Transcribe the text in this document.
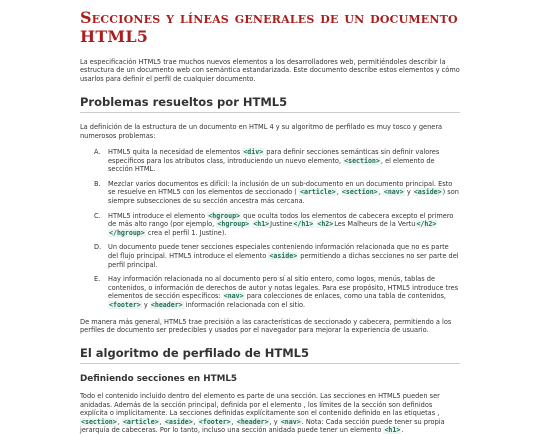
Secciones y líneas generales de un documento HTML5

La especificación HTML5 trae muchos nuevos elementos a los desarrolladores web, permitiéndoles describir la estructura de un documento web con semántica estandarizada. Este documento describe estos elementos y cómo usarlos para definir el perfil de cualquier documento.

Problemas resueltos por HTML5

La definición de la estructura de un documento en HTML 4 y su algoritmo de perfilado es muy tosco y genera numerosos problemas:

A. HTML5 quita la necesidad de elementos <div> para definir secciones semánticas sin definir valores específicos para los atributos class, introduciendo un nuevo elemento, <section>, el elemento de sección HTML.
B. Mezclar varios documentos es difícil: la inclusión de un sub-documento en un documento principal. Esto se resuelve en HTML5 con los elementos de seccionado ( <article>, <section>, <nav> y <aside>) son siempre subsecciones de su sección ancestra más cercana.
C. HTML5 introduce el elemento <hgroup> que oculta todos los elementos de cabecera excepto el primero de más alto rango (por ejemplo, <hgroup> <h1>Justine</h1> <h2>Les Malheurs de la Vertu</h2> </hgroup> crea el perfil 1. Justine).
D. Un documento puede tener secciones especiales conteniendo información relacionada que no es parte del flujo principal. HTML5 introduce el elemento <aside> permitiendo a dichas secciones no ser parte del perfil principal.
E. Hay información relacionada no al documento pero sí al sitio entero, como logos, menús, tablas de contenidos, o información de derechos de autor y notas legales. Para ese propósito, HTML5 introduce tres elementos de sección específicos: <nav> para colecciones de enlaces, como una tabla de contenidos, <footer> y <header> información relacionada con el sitio.

De manera más general, HTML5 trae precisión a las características de seccionado y cabecera, permitiendo a los perfiles de documento ser predecibles y usados por el navegador para mejorar la experiencia de usuario.

El algoritmo de perfilado de HTML5
Definiendo secciones en HTML5

Todo el contenido incluido dentro del elemento es parte de una sección. Las secciones en HTML5 pueden ser anidadas. Además de la sección principal, definida por el elemento , los límites de la sección son definidos explícita o implícitamente. La secciones definidas explícitamente son el contenido definido en las etiquetas , <section>, <article>, <aside>, <footer>, <header>, y <nav>. Nota: Cada sección puede tener su propia jerarquía de cabeceras. Por lo tanto, incluso una sección anidada puede tener un elemento <h1>.
